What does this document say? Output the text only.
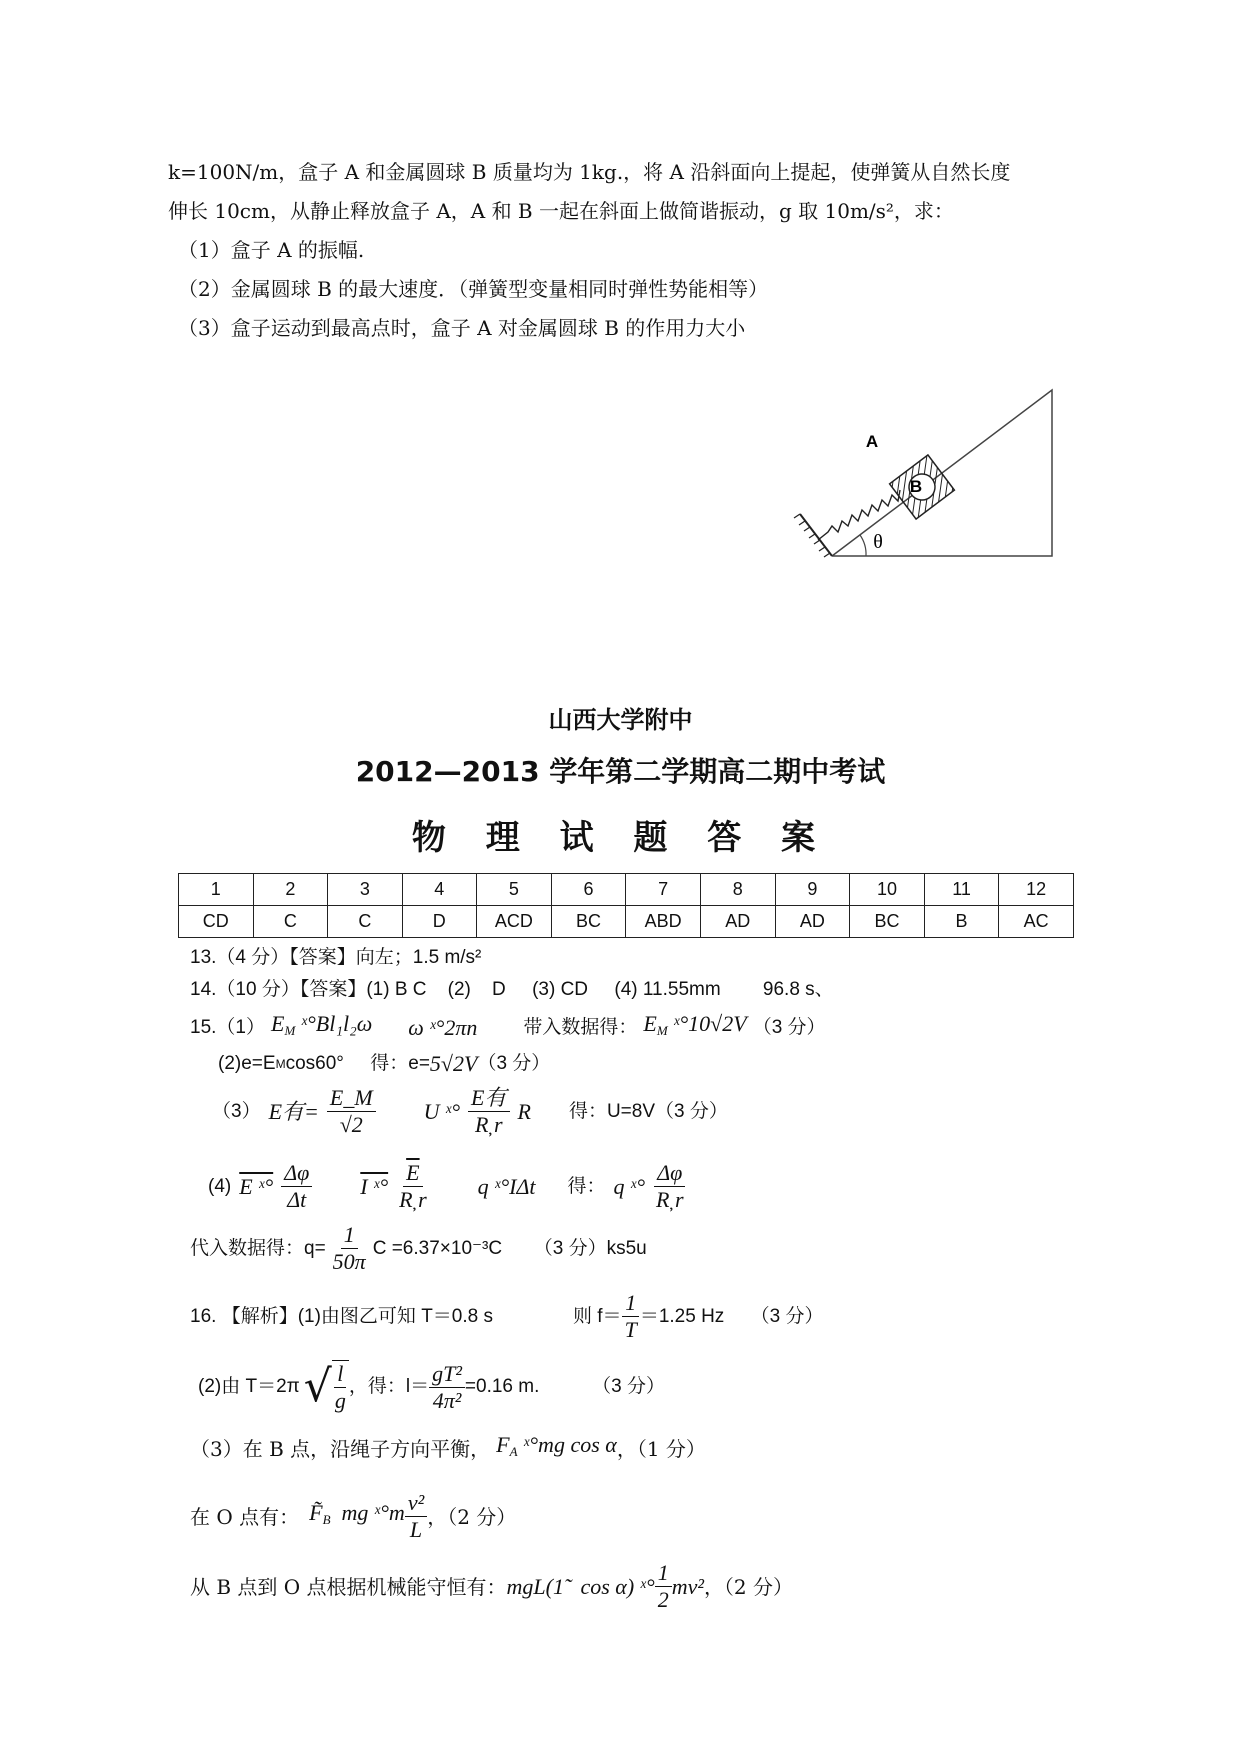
k=100N/m，盒子 A 和金属圆球 B 质量均为 1kg.，将 A 沿斜面向上提起，使弹簧从自然长度
伸长 10cm，从静止释放盒子 A，A 和 B 一起在斜面上做简谐振动，g 取 10m/s²，求：
（1）盒子 A 的振幅.
（2）金属圆球 B 的最大速度．（弹簧型变量相同时弹性势能相等）
（3）盒子运动到最高点时，盒子 A 对金属圆球 B 的作用力大小
B
A
θ
山西大学附中
2012—2013 学年第二学期高二期中考试
物 理 试 题 答 案
1	2	3	4	5	6	7	8	9	10	11	12
CD	C	C	D	ACD	BC	ABD	AD	AD	BC	B	AC
13.（4 分）【答案】向左；1.5 m/s²
14.（10 分）【答案】(1) B C    (2)    D     (3) CD     (4) 11.55mm        96.8 s、
15.（1） $E_M$ ˣ°Bl₁l₂ω ω ˣ°2πn 带入数据得： $E_M$ ˣ°10√2V （3 分）
(2)e=E M cos60°     得：e= 5√2V （3 分）
（3） E有= $\frac{E\_M}{√2}$ U ˣ° $\frac{\text{E有}}{R̦ r}$ R 得：U=8V（3 分）
(4) E ˣ° $\frac{\Delta\varphi}{\Delta t}$ I ˣ° $\frac{\overline{E}}{R̦ r}$ q ˣ°IΔt 得： q ˣ° $\frac{\Delta\varphi}{R̦ r}$
代入数据得：$q= \frac{1}{50\pi}$ C =6.37×10⁻³C      （3 分）ks5u
16. 【解析】(1)由图乙可知 T＝0.8 s	则 $f= \frac{1}{T} =1.25$ Hz     （3 分）
(2)由 T＝2π √ $\frac{l}{g}$ ，得：$l= \frac{\text{gT²}}{\text{4π²}} =0.16$ m.          （3 分）
（3）在 B 点，沿绳子方向平衡， $F_A$ ˣ°mg cos α ，（1 分）
在 O 点有： $F̃_B$  mg ˣ°m $\frac{\text{v²}}{L}$ ，（2 分）
从 B 点到 O 点根据机械能守恒有： mgL(1̃   cos α) ˣ° $\frac{1}{2} mv^2$ ，（2 分）
